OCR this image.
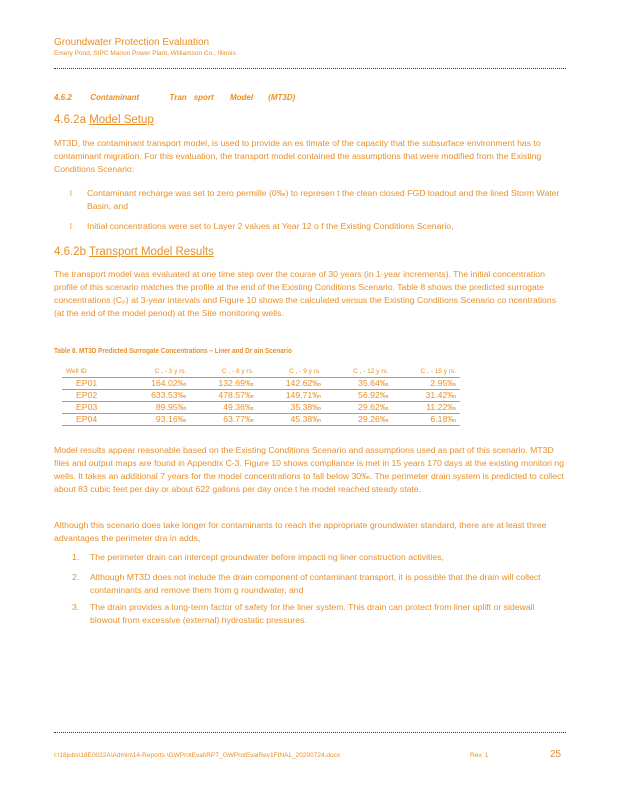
Groundwater Protection Evaluation
Emery Pond, SIPC Marion Power Plant, Williamson Co., Illinois
4.6.2 Contaminant	Tran sport Model (MT3D)
4.6.2a Model Setup

MT3D, the contaminant transport model, is used to provide an es timate of the capacity that the subsurface environment has to contaminant migration. For this evaluation, the transport model contained the assumptions that were modified from the Existing Conditions Scenario:

l Contaminant recharge was set to zero permille (0‰) to represen t the clean closed FGD loadout and the lined Storm Water Basin, and
l Initial concentrations were set to Layer 2 values at Year 12 o f the Existing Conditions Scenario,
4.6.2b Transport Model Results

The transport model was evaluated at one time step over the course of 30 years (in 1-year increments). The initial concentration profile of this scenario matches the profile at the end of the Existing Conditions Scenario. Table 8 shows the predicted surrogate concentrations (Cₚ) at 3-year intervals and Figure 10 shows the calculated versus the Existing Conditions Scenario co ncentrations (at the end of the model period) at the Site monitoring wells.

Table 8. MT3D Predicted Surrogate Concentrations – Liner and Dr ain Scenario
Well ID	C , - 3 y rs.	C , - 6 y rs.	C , - 9 y rs.	C , - 12 y rs.	C , - 15 y rs.
EP01	164.02‰	132.69‰	142.62‰	35.64‰	2.95‰
EP02	633.53‰	478.57‰	149.71‰	56.92‰	31.42‰
EP03	89.95‰	49.36‰	35.38‰	29.62‰	11.22‰
EP04	93.16‰	63.77‰	45.38‰	29.26‰	6.18‰

Model results appear reasonable based on the Existing Conditions Scenario and assumptions used as part of this scenario. MT3D files and output maps are found in Appendix C-3. Figure 10 shows compliance is met in 15 years 170 days at the existing monitori ng wells. It takes an additional 7 years for the model concentrations to fall below 30‰. The perimeter drain system is predicted to collect about 83 cubic feet per day or about 622 gallons per day once t he model reached steady state.

Although this scenario does take longer for contaminants to reach the appropriate groundwater standard, there are at least three advantages the perimeter dra in adds,

1. The perimeter drain can intercept groundwater before impacti ng liner construction activities,
2. Although MT3D does not include the drain component of contaminant transport, it is possible that the drain will collect contaminants and remove them from g roundwater, and
3. The drain provides a long-term factor of safety for the liner system. This drain can protect from liner uplift or sidewall blowout from excessive (external) hydrostatic pressures.
I:\18jobs\18E0022A\Admin\14-Reports \GWProtEval\RPT_GWProtEvalRev1FINAL_20200724.docx	Rev. 1	25
